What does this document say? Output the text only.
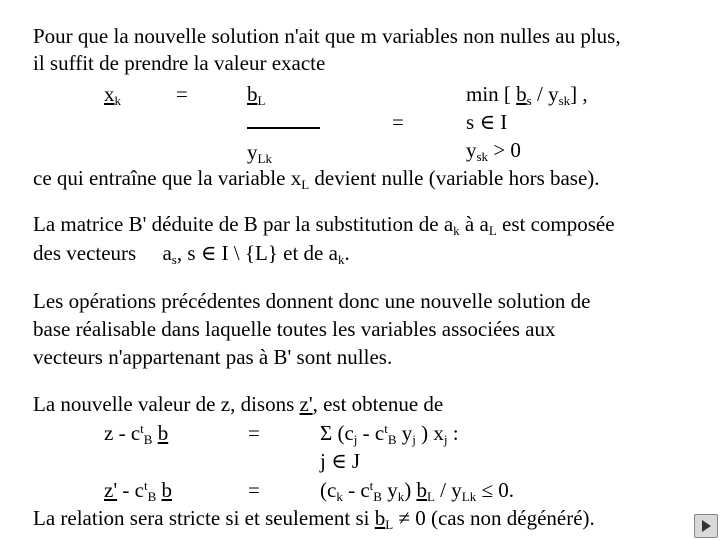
Pour que la nouvelle solution n'ait que m variables non nulles au plus,
il suffit de prendre la valeur exacte
$x_k$	=	$b_L$
$y_{Lk}$
min [ $b_s / y_{sk}$] ,
=	s ∈ I
$y_{sk} > 0$
ce qui entraîne que la variable $x_L$ devient nulle (variable hors base).
La matrice B' déduite de B par la substitution de $a_k$ à $a_L$ est composée
des vecteurs     $a_s$, s ∈ I \ {L} et de $a_k$.
Les opérations précédentes donnent donc une nouvelle solution de
base réalisable dans laquelle toutes les variables associées aux
vecteurs n'appartenant pas à B' sont nulles.
La nouvelle valeur de z, disons z', est obtenue de
z - $c^t_B$ b	=	Σ ($c_j - c^t_B$ $y_j$ ) $x_j$ :
j ∈ J
z' - $c^t_B$ b	=	($c_k - c^t_B$ $y_k$) $b_L / y_{Lk} \le 0$.
La relation sera stricte si et seulement si $b_L \ne 0$ (cas non dégénéré).
